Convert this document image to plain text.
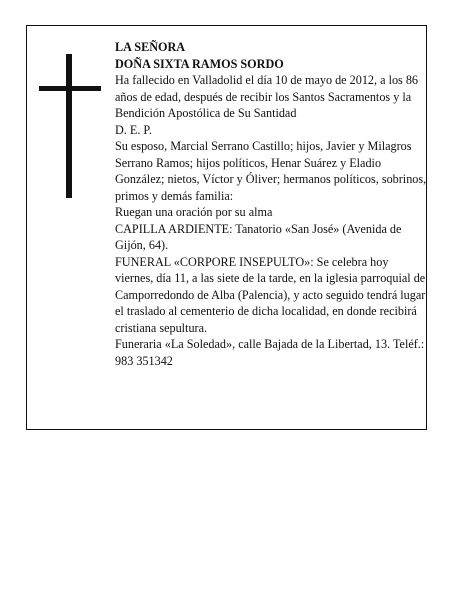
LA SEÑORA

DOÑA SIXTA RAMOS SORDO

Ha fallecido en Valladolid el día 10 de mayo de 2012, a los 86 años de edad, después de recibir los Santos Sacramentos y la Bendición Apostólica de Su Santidad

D. E. P.

Su esposo, Marcial Serrano Castillo; hijos, Javier y Milagros Serrano Ramos; hijos políticos, Henar Suárez y Eladio González; nietos, Víctor y Óliver; hermanos políticos, sobrinos, primos y demás familia:

Ruegan una oración por su alma

CAPILLA ARDIENTE: Tanatorio «San José» (Avenida de Gijón, 64).

FUNERAL «CORPORE INSEPULTO»: Se celebra hoy viernes, día 11, a las siete de la tarde, en la iglesia parroquial de Camporredondo de Alba (Palencia), y acto seguido tendrá lugar el traslado al cementerio de dicha localidad, en donde recibirá cristiana sepultura.

Funeraria «La Soledad», calle Bajada de la Libertad, 13. Teléf.: 983 351342
